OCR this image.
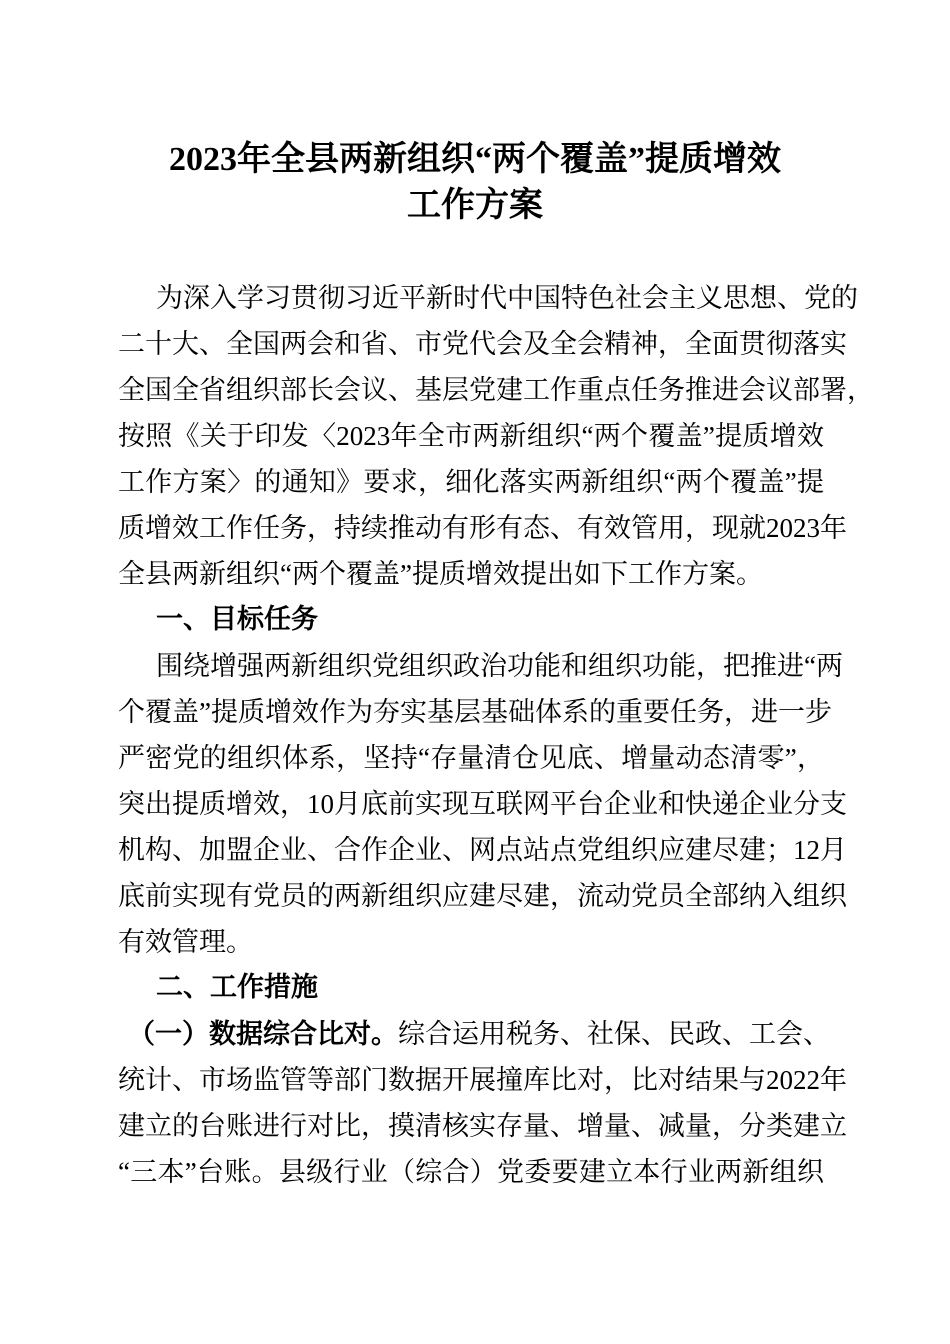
2023年全县两新组织“两个覆盖”提质增效
工作方案
为深入学习贯彻习近平新时代中国特色社会主义思想、党的
二十大、全国两会和省、市党代会及全会精神，全面贯彻落实
全国全省组织部长会议、基层党建工作重点任务推进会议部署，
按照《关于印发〈2023年全市两新组织“两个覆盖”提质增效
工作方案〉的通知》要求，细化落实两新组织“两个覆盖”提
质增效工作任务，持续推动有形有态、有效管用，现就2023年
全县两新组织“两个覆盖”提质增效提出如下工作方案。
一、目标任务
围绕增强两新组织党组织政治功能和组织功能，把推进“两
个覆盖”提质增效作为夯实基层基础体系的重要任务，进一步
严密党的组织体系，坚持“存量清仓见底、增量动态清零”，
突出提质增效，10月底前实现互联网平台企业和快递企业分支
机构、加盟企业、合作企业、网点站点党组织应建尽建；12月
底前实现有党员的两新组织应建尽建，流动党员全部纳入组织
有效管理。
二、工作措施
（一）数据综合比对。综合运用税务、社保、民政、工会、
统计、市场监管等部门数据开展撞库比对，比对结果与2022年
建立的台账进行对比，摸清核实存量、增量、减量，分类建立
“三本”台账。县级行业（综合）党委要建立本行业两新组织
